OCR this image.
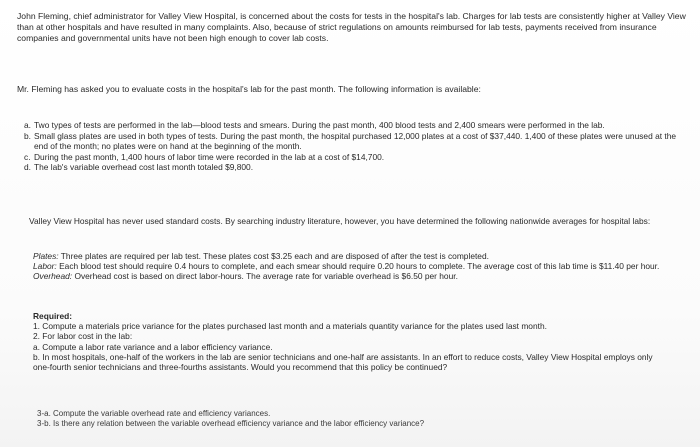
John Fleming, chief administrator for Valley View Hospital, is concerned about the costs for tests in the hospital's lab. Charges for lab tests are consistently higher at Valley View than at other hospitals and have resulted in many complaints. Also, because of strict regulations on amounts reimbursed for lab tests, payments received from insurance companies and governmental units have not been high enough to cover lab costs.

Mr. Fleming has asked you to evaluate costs in the hospital's lab for the past month. The following information is available:

a. Two types of tests are performed in the lab—blood tests and smears. During the past month, 400 blood tests and 2,400 smears were performed in the lab.
b. Small glass plates are used in both types of tests. During the past month, the hospital purchased 12,000 plates at a cost of $37,440. 1,400 of these plates were unused at the end of the month; no plates were on hand at the beginning of the month.
c. During the past month, 1,400 hours of labor time were recorded in the lab at a cost of $14,700.
d. The lab's variable overhead cost last month totaled $9,800.

Valley View Hospital has never used standard costs. By searching industry literature, however, you have determined the following nationwide averages for hospital labs:

Plates: Three plates are required per lab test. These plates cost $3.25 each and are disposed of after the test is completed.

Labor: Each blood test should require 0.4 hours to complete, and each smear should require 0.20 hours to complete. The average cost of this lab time is $11.40 per hour.

Overhead: Overhead cost is based on direct labor-hours. The average rate for variable overhead is $6.50 per hour.

Required:

1. Compute a materials price variance for the plates purchased last month and a materials quantity variance for the plates used last month.

2. For labor cost in the lab:

a. Compute a labor rate variance and a labor efficiency variance.

b. In most hospitals, one-half of the workers in the lab are senior technicians and one-half are assistants. In an effort to reduce costs, Valley View Hospital employs only one-fourth senior technicians and three-fourths assistants. Would you recommend that this policy be continued?

3-a. Compute the variable overhead rate and efficiency variances.

3-b. Is there any relation between the variable overhead efficiency variance and the labor efficiency variance?
